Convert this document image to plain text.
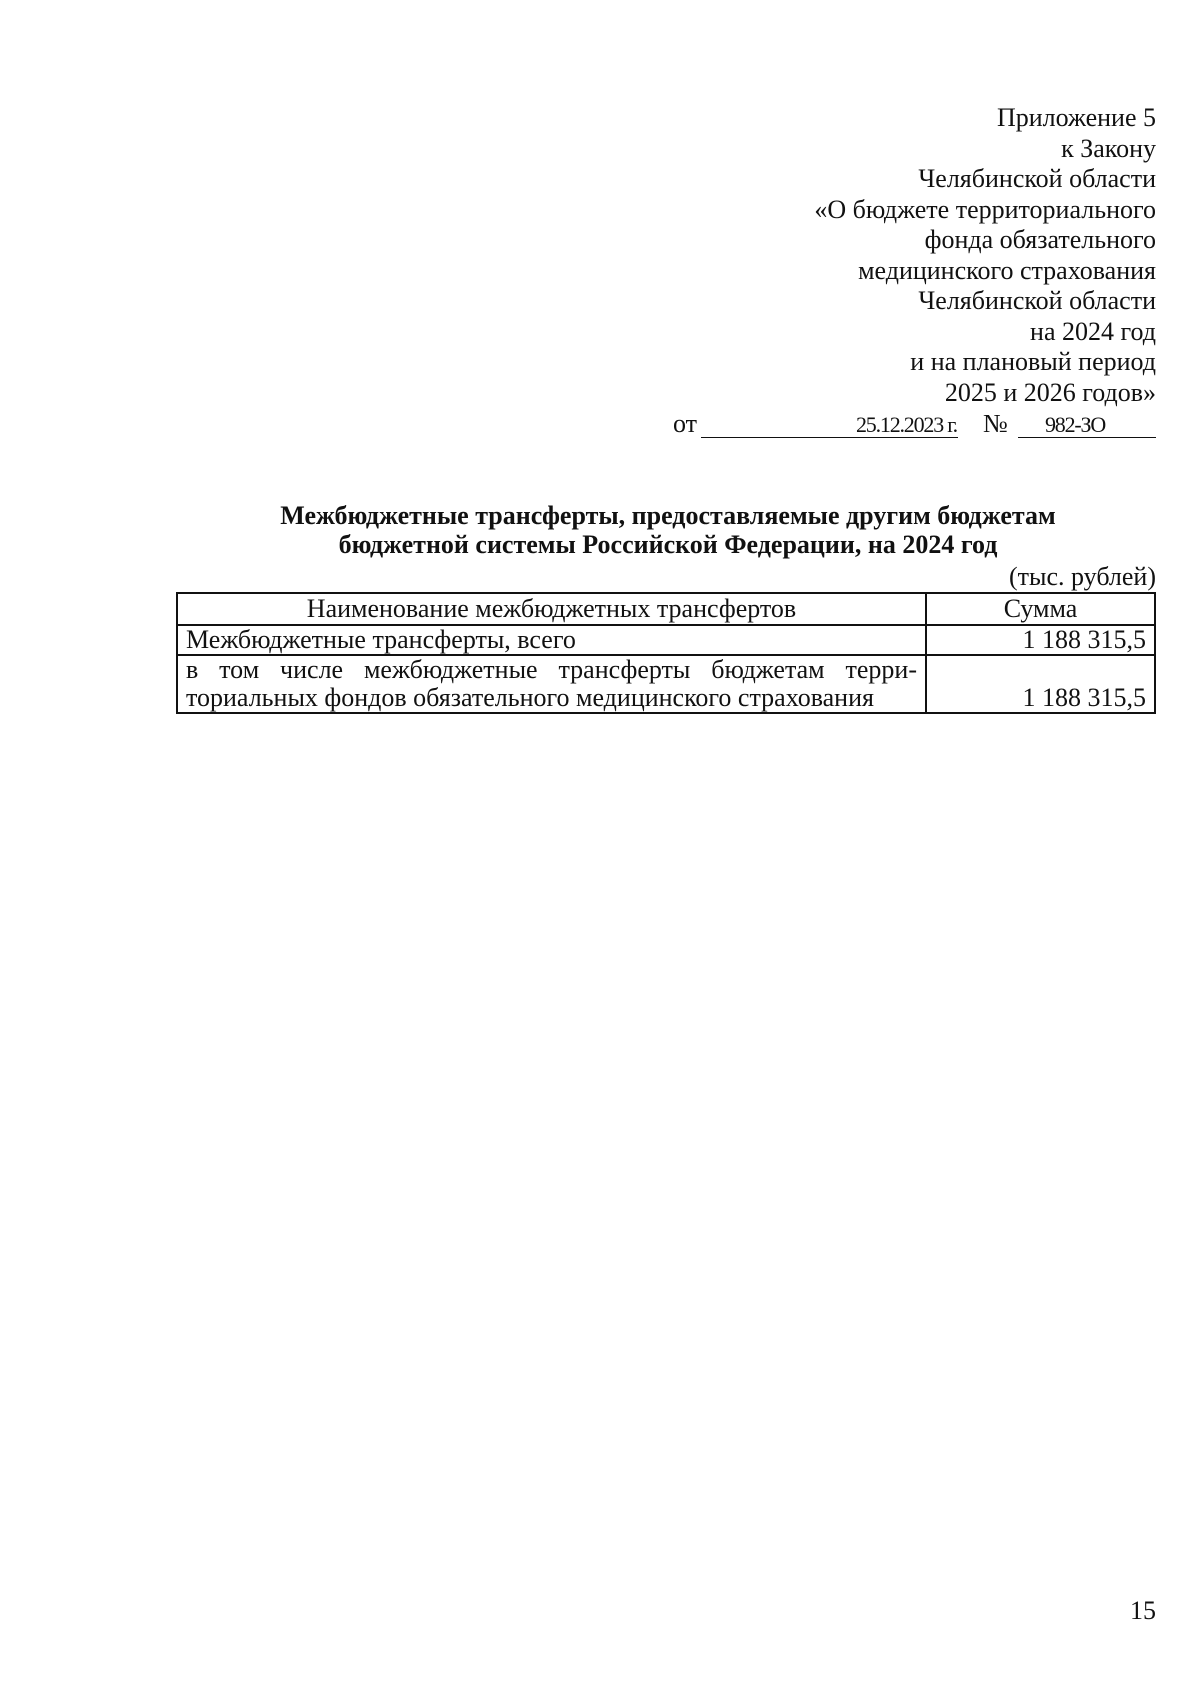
Приложение 5
к Закону
Челябинской области
«О бюджете территориального
фонда обязательного
медицинского страхования
Челябинской области
на 2024 год
и на плановый период
2025 и 2026 годов»
от	25.12.2023 г. № 982-ЗО
Межбюджетные трансферты, предоставляемые другим бюджетам
бюджетной системы Российской Федерации, на 2024 год
(тыс. рублей)
Наименование межбюджетных трансфертов	Сумма

Межбюджетные трансферты, всего	1 188 315,5

в том числе межбюджетные трансферты бюджетам терри-
ториальных фондов обязательного медицинского страхования	1 188 315,5
15
